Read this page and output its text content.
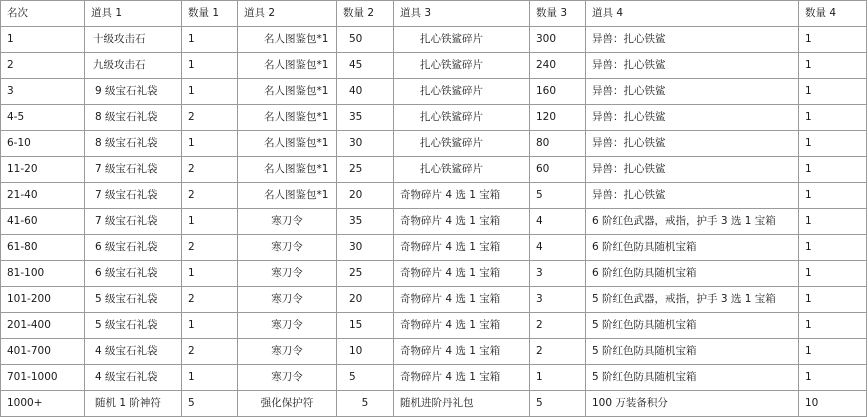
名次	道具 1	数量 1	道具 2	数量 2	道具 3	数量 3	道具 4	数量 4
1	十级攻击石	1	名人图鉴包*1	50	扎心铁鲨碎片	300	异兽：扎心铁鲨	1
2	九级攻击石	1	名人图鉴包*1	45	扎心铁鲨碎片	240	异兽：扎心铁鲨	1
3	9 级宝石礼袋	1	名人图鉴包*1	40	扎心铁鲨碎片	160	异兽：扎心铁鲨	1
4-5	8 级宝石礼袋	2	名人图鉴包*1	35	扎心铁鲨碎片	120	异兽：扎心铁鲨	1
6-10	8 级宝石礼袋	1	名人图鉴包*1	30	扎心铁鲨碎片	80	异兽：扎心铁鲨	1
11-20	7 级宝石礼袋	2	名人图鉴包*1	25	扎心铁鲨碎片	60	异兽：扎心铁鲨	1
21-40	7 级宝石礼袋	2	名人图鉴包*1	20	奇物碎片 4 选 1 宝箱	5	异兽：扎心铁鲨	1
41-60	7 级宝石礼袋	1	寒刀令	35	奇物碎片 4 选 1 宝箱	4	6 阶红色武器，戒指，护手 3 选 1 宝箱	1
61-80	6 级宝石礼袋	2	寒刀令	30	奇物碎片 4 选 1 宝箱	4	6 阶红色防具随机宝箱	1
81-100	6 级宝石礼袋	1	寒刀令	25	奇物碎片 4 选 1 宝箱	3	6 阶红色防具随机宝箱	1
101-200	5 级宝石礼袋	2	寒刀令	20	奇物碎片 4 选 1 宝箱	3	5 阶红色武器，戒指，护手 3 选 1 宝箱	1
201-400	5 级宝石礼袋	1	寒刀令	15	奇物碎片 4 选 1 宝箱	2	5 阶红色防具随机宝箱	1
401-700	4 级宝石礼袋	2	寒刀令	10	奇物碎片 4 选 1 宝箱	2	5 阶红色防具随机宝箱	1
701-1000	4 级宝石礼袋	1	寒刀令	5	奇物碎片 4 选 1 宝箱	1	5 阶红色防具随机宝箱	1
1000+	随机 1 阶神符	5	强化保护符	5	随机进阶丹礼包	5	100 万装备积分	10
